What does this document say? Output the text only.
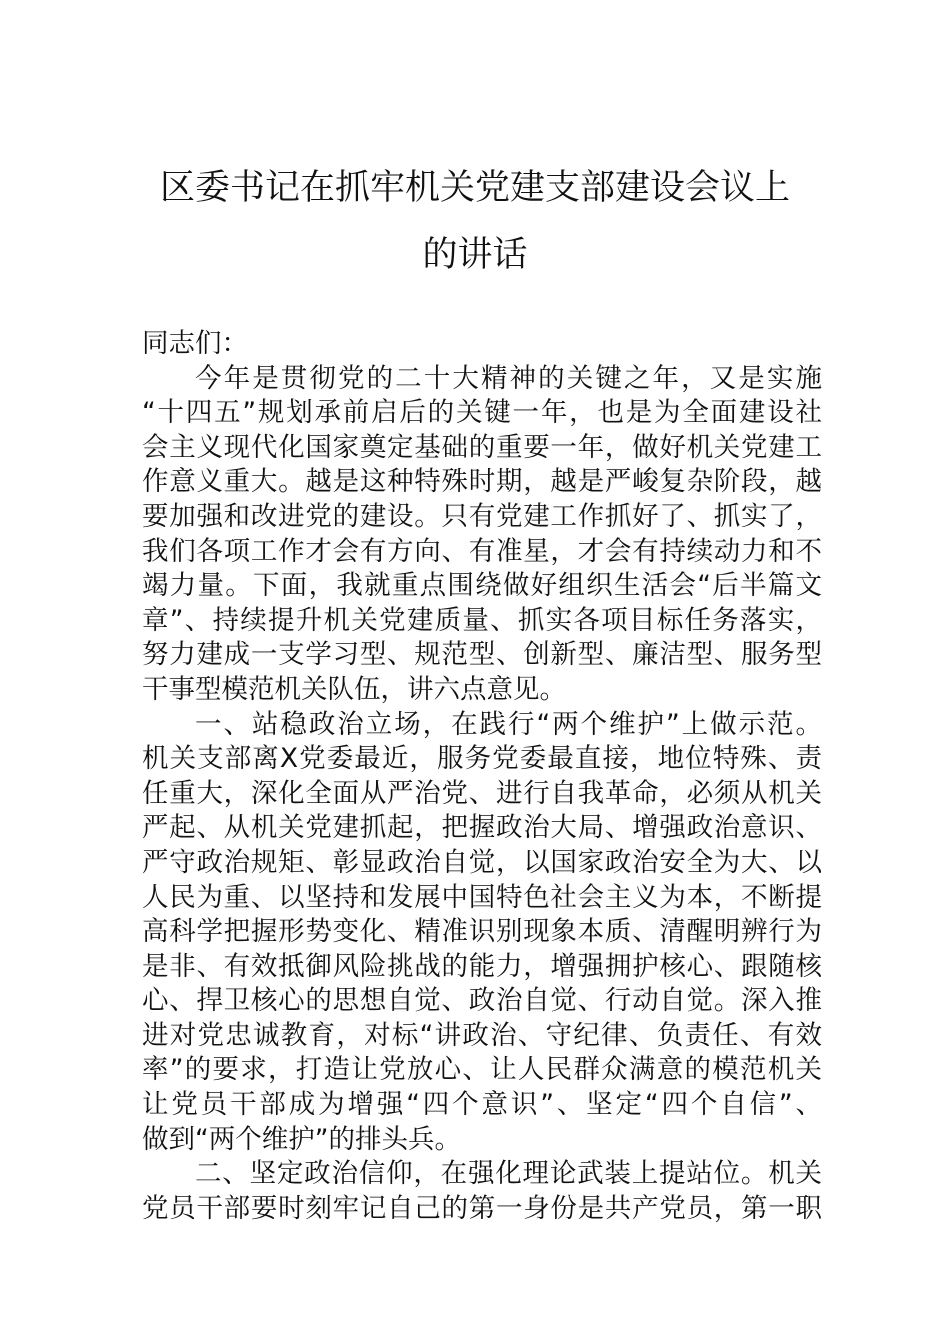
区委书记在抓牢机关党建支部建设会议上
的讲话
同志们：
今年是贯彻党的二十大精神的关键之年，又是实施
“十四五”规划承前启后的关键一年，也是为全面建设社
会主义现代化国家奠定基础的重要一年，做好机关党建工
作意义重大。越是这种特殊时期，越是严峻复杂阶段，越
要加强和改进党的建设。只有党建工作抓好了、抓实了，
我们各项工作才会有方向、有准星，才会有持续动力和不
竭力量。下面，我就重点围绕做好组织生活会“后半篇文
章”、持续提升机关党建质量、抓实各项目标任务落实，
努力建成一支学习型、规范型、创新型、廉洁型、服务型
干事型模范机关队伍，讲六点意见。
一、站稳政治立场，在践行“两个维护”上做示范。
机关支部离X党委最近，服务党委最直接，地位特殊、责
任重大，深化全面从严治党、进行自我革命，必须从机关
严起、从机关党建抓起，把握政治大局、增强政治意识、
严守政治规矩、彰显政治自觉，以国家政治安全为大、以
人民为重、以坚持和发展中国特色社会主义为本，不断提
高科学把握形势变化、精准识别现象本质、清醒明辨行为
是非、有效抵御风险挑战的能力，增强拥护核心、跟随核
心、捍卫核心的思想自觉、政治自觉、行动自觉。深入推
进对党忠诚教育，对标“讲政治、守纪律、负责任、有效
率”的要求，打造让党放心、让人民群众满意的模范机关
让党员干部成为增强“四个意识”、坚定“四个自信”、
做到“两个维护”的排头兵。
二、坚定政治信仰，在强化理论武装上提站位。机关
党员干部要时刻牢记自己的第一身份是共产党员，第一职
